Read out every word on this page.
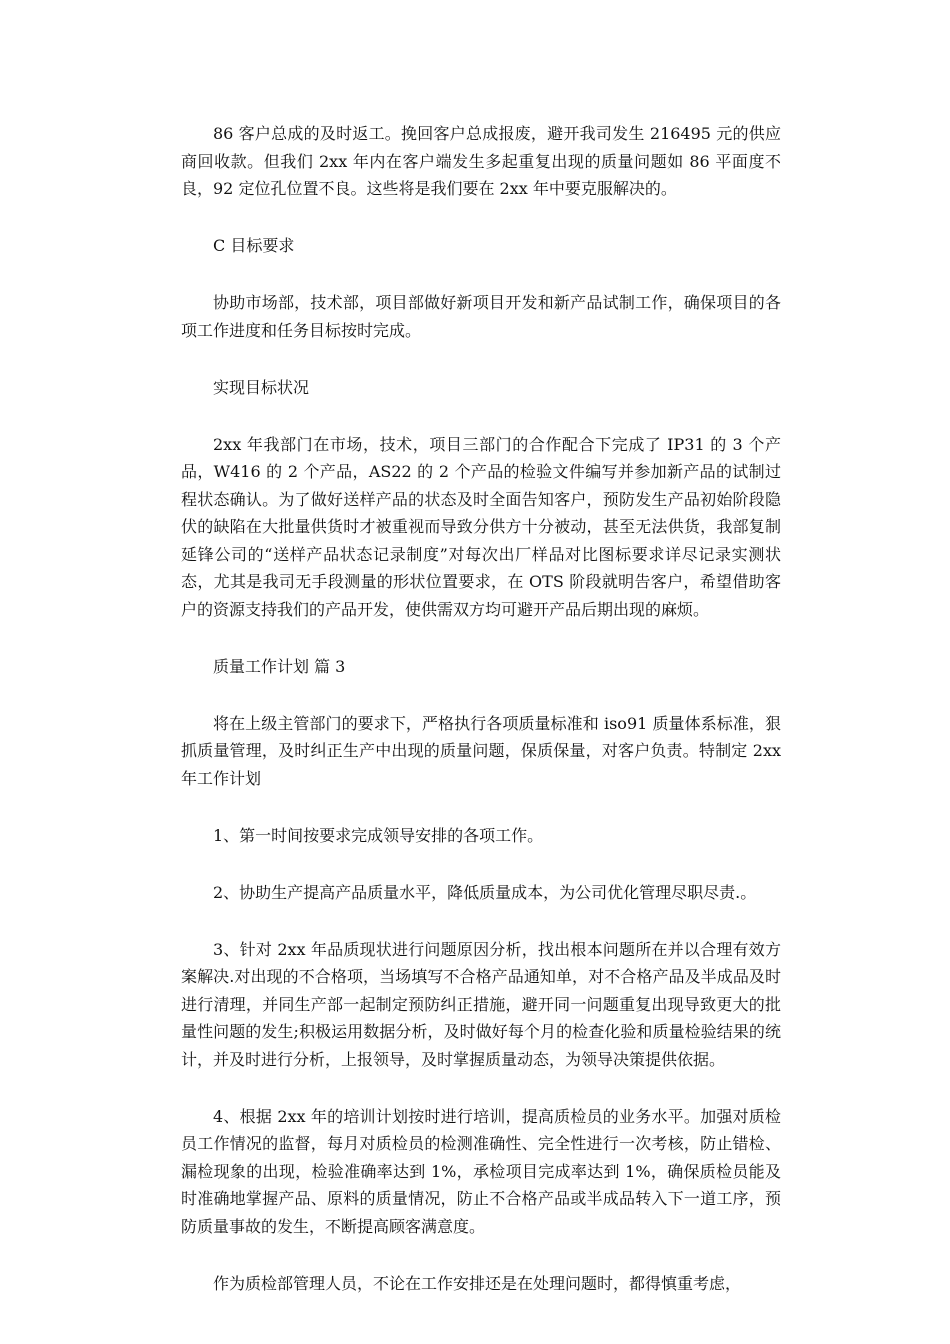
86 客户总成的及时返工。挽回客户总成报废，避开我司发生 216495 元的供应商回收款。但我们 2xx 年内在客户端发生多起重复出现的质量问题如 86 平面度不良，92 定位孔位置不良。这些将是我们要在 2xx 年中要克服解决的。

C 目标要求

协助市场部，技术部，项目部做好新项目开发和新产品试制工作，确保项目的各项工作进度和任务目标按时完成。

实现目标状况

2xx 年我部门在市场，技术，项目三部门的合作配合下完成了 IP31 的 3 个产品，W416 的 2 个产品，AS22 的 2 个产品的检验文件编写并参加新产品的试制过程状态确认。为了做好送样产品的状态及时全面告知客户，预防发生产品初始阶段隐伏的缺陷在大批量供货时才被重视而导致分供方十分被动，甚至无法供货，我部复制延锋公司的“送样产品状态记录制度”对每次出厂样品对比图标要求详尽记录实测状态，尤其是我司无手段测量的形状位置要求，在 OTS 阶段就明告客户，希望借助客户的资源支持我们的产品开发，使供需双方均可避开产品后期出现的麻烦。

质量工作计划 篇 3

将在上级主管部门的要求下，严格执行各项质量标准和 iso91 质量体系标准，狠抓质量管理，及时纠正生产中出现的质量问题，保质保量，对客户负责。特制定 2xx 年工作计划

1、第一时间按要求完成领导安排的各项工作。

2、协助生产提高产品质量水平，降低质量成本，为公司优化管理尽职尽责.。

3、针对 2xx 年品质现状进行问题原因分析，找出根本问题所在并以合理有效方案解决.对出现的不合格项，当场填写不合格产品通知单，对不合格产品及半成品及时进行清理，并同生产部一起制定预防纠正措施，避开同一问题重复出现导致更大的批量性问题的发生;积极运用数据分析，及时做好每个月的检查化验和质量检验结果的统计，并及时进行分析，上报领导，及时掌握质量动态，为领导决策提供依据。

4、根据 2xx 年的培训计划按时进行培训，提高质检员的业务水平。加强对质检员工作情况的监督，每月对质检员的检测准确性、完全性进行一次考核，防止错检、漏检现象的出现，检验准确率达到 1%，承检项目完成率达到 1%，确保质检员能及时准确地掌握产品、原料的质量情况，防止不合格产品或半成品转入下一道工序，预防质量事故的发生，不断提高顾客满意度。

作为质检部管理人员，不论在工作安排还是在处理问题时，都得慎重考虑，
